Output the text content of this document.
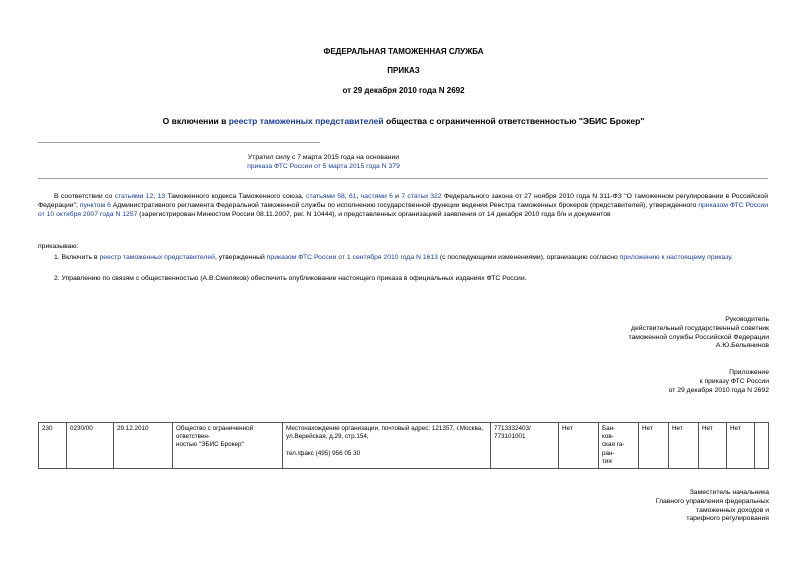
ФЕДЕРАЛЬНАЯ ТАМОЖЕННАЯ СЛУЖБА
ПРИКАЗ
от 29 декабря 2010 года N 2692
О включении в реестр таможенных представителей общества с ограниченной ответственностью "ЭБИС Брокер"
Утратил силу с 7 марта 2015 года на основании
приказа ФТС России от 5 марта 2015 года N 379
В соответствии со статьями 12, 13 Таможенного кодекса Таможенного союза, статьями 58, 61, частями 6 и 7 статьи 322 Федерального закона от 27 ноября 2010 года N 311-ФЗ "О таможенном регулировании в Российской Федерации", пунктом 6 Административного регламента Федеральной таможенной службы по исполнению государственной функции ведения Реестра таможенных брокеров (представителей), утвержденного приказом ФТС России от 10 октября 2007 года N 1257 (зарегистрирован Минюстом России 08.11.2007, рег. N 10444), и представленных организацией заявления от 14 декабря 2010 года б/н и документов
приказываю:
1. Включить в реестр таможенных представителей, утвержденный приказом ФТС России от 1 сентября 2010 года N 1613 (с последующими изменениями), организацию согласно приложению к настоящему приказу.
2. Управлению по связям с общественностью (А.В.Смеляков) обеспечить опубликование настоящего приказа в официальных изданиях ФТС России.
Руководитель
действительный государственный советник
таможенной службы Российской Федерации
А.Ю.Бельянинов
Приложение
к приказу ФТС России
от 29 декабря 2010 года N 2692
230	0230/00	29.12.2010	Общество с ограниченной
ответствен-
ностью "ЭБИС Брокер"	Местонахождение организации, почтовый адрес: 121357, г.Москва, ул.Верейская, д.29, стр.154,

тел./факс (495) 956 05 30	7713332403/
773101001	Нет	Бан-
ков-
ская га-
ран-
тия	Нет	Нет	Нет	Нет	
Заместитель начальника
Главного управления федеральных
таможенных доходов и
тарифного регулирования
